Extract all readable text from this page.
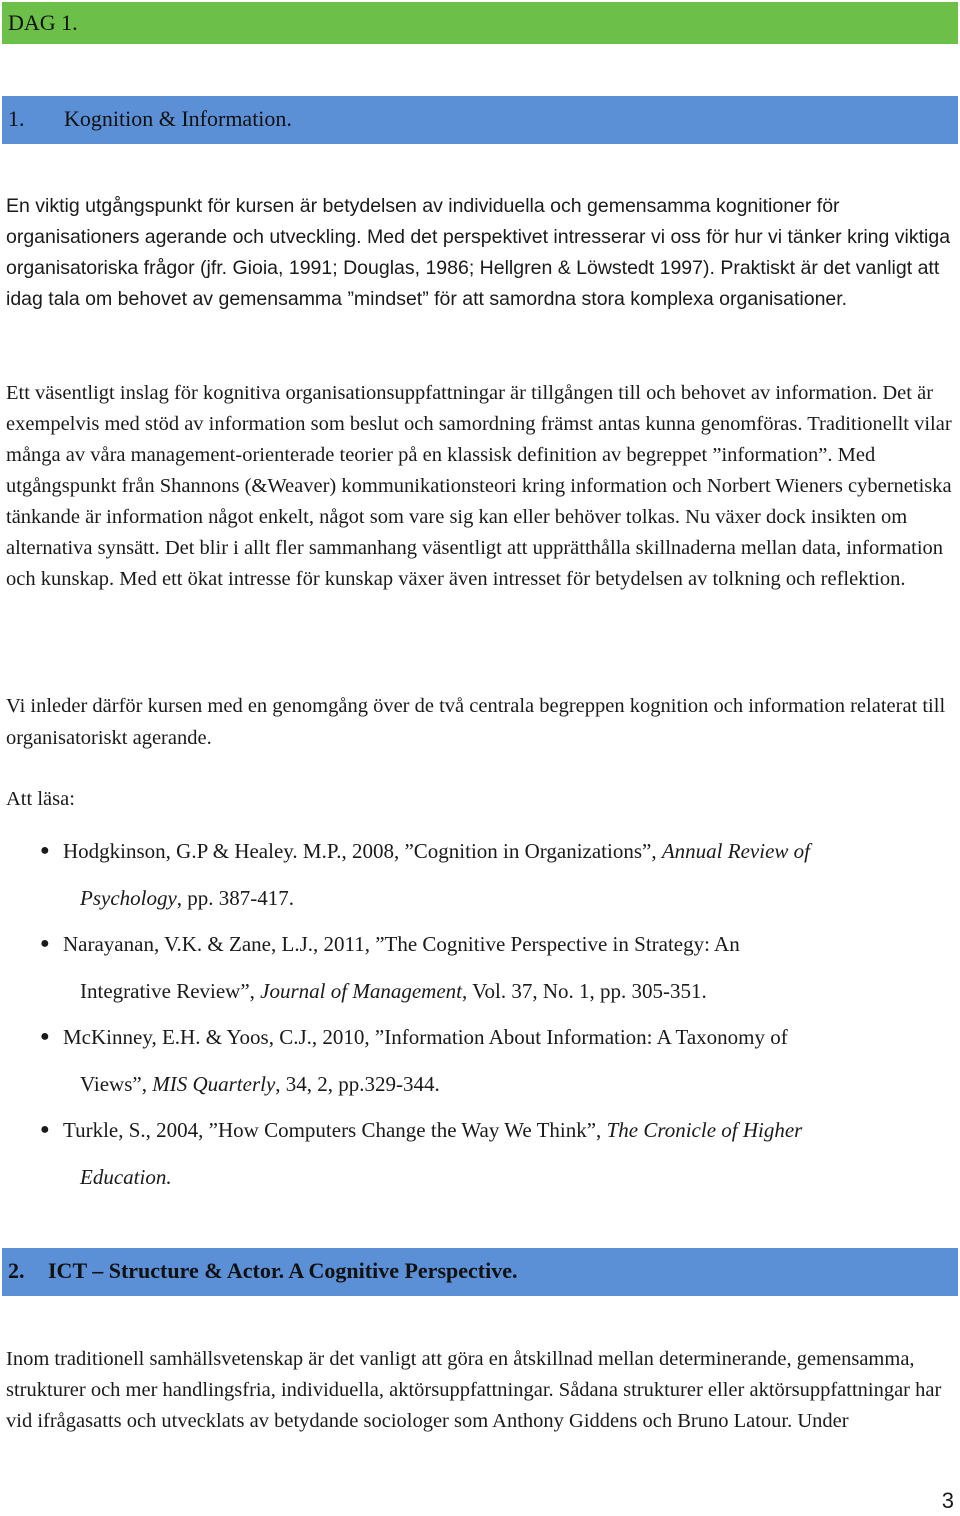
DAG 1.
1. Kognition & Information.

En viktig utgångspunkt för kursen är betydelsen av individuella och gemensamma kognitioner för organisationers agerande och utveckling. Med det perspektivet intresserar vi oss för hur vi tänker kring viktiga organisatoriska frågor (jfr. Gioia, 1991; Douglas, 1986; Hellgren & Löwstedt 1997). Praktiskt är det vanligt att idag tala om behovet av gemensamma ”mindset” för att samordna stora komplexa organisationer.

Ett väsentligt inslag för kognitiva organisationsuppfattningar är tillgången till och behovet av information. Det är exempelvis med stöd av information som beslut och samordning främst antas kunna genomföras. Traditionellt vilar många av våra management-orienterade teorier på en klassisk definition av begreppet ”information”. Med utgångspunkt från Shannons (&Weaver) kommunikationsteori kring information och Norbert Wieners cybernetiska tänkande är information något enkelt, något som vare sig kan eller behöver tolkas. Nu växer dock insikten om alternativa synsätt. Det blir i allt fler sammanhang väsentligt att upprätthålla skillnaderna mellan data, information och kunskap. Med ett ökat intresse för kunskap växer även intresset för betydelsen av tolkning och reflektion.

Vi inleder därför kursen med en genomgång över de två centrala begreppen kognition och information relaterat till organisatoriskt agerande.

Att läsa:

● Hodgkinson, G.P & Healey. M.P., 2008, ”Cognition in Organizations”, Annual Review of
Psychology, pp. 387-417.
● Narayanan, V.K. & Zane, L.J., 2011, ”The Cognitive Perspective in Strategy: An
Integrative Review”, Journal of Management, Vol. 37, No. 1, pp. 305-351.
● McKinney, E.H. & Yoos, C.J., 2010, ”Information About Information: A Taxonomy of
Views”, MIS Quarterly, 34, 2, pp.329-344.
● Turkle, S., 2004, ”How Computers Change the Way We Think”, The Cronicle of Higher
Education.
2. ICT – Structure & Actor. A Cognitive Perspective.

Inom traditionell samhällsvetenskap är det vanligt att göra en åtskillnad mellan determinerande, gemensamma, strukturer och mer handlingsfria, individuella, aktörsuppfattningar. Sådana strukturer eller aktörsuppfattningar har vid ifrågasatts och utvecklats av betydande sociologer som Anthony Giddens och Bruno Latour. Under

3
